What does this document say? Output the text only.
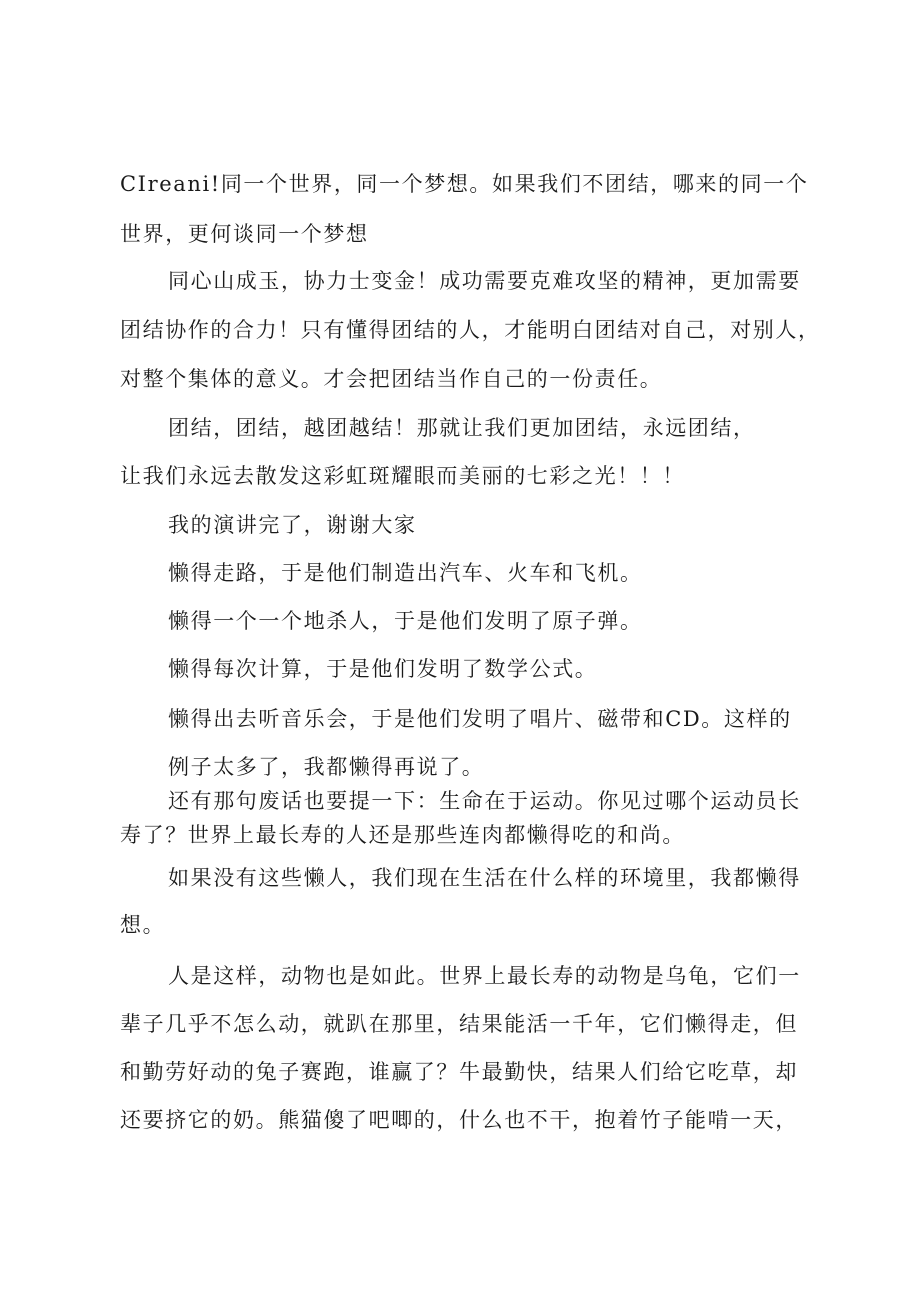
CIreani!同一个世界，同一个梦想。如果我们不团结，哪来的同一个
世界，更何谈同一个梦想
同心山成玉，协力士变金！成功需要克难攻坚的精神，更加需要
团结协作的合力！只有懂得团结的人，才能明白团结对自己，对别人，
对整个集体的意义。才会把团结当作自己的一份责任。
团结，团结，越团越结！那就让我们更加团结，永远团结，
让我们永远去散发这彩虹斑耀眼而美丽的七彩之光！！！
我的演讲完了，谢谢大家
懒得走路，于是他们制造出汽车、火车和飞机。
懒得一个一个地杀人，于是他们发明了原子弹。
懒得每次计算，于是他们发明了数学公式。
懒得出去听音乐会，于是他们发明了唱片、磁带和CD。这样的
例子太多了，我都懒得再说了。
还有那句废话也要提一下：生命在于运动。你见过哪个运动员长
寿了？世界上最长寿的人还是那些连肉都懒得吃的和尚。
如果没有这些懒人，我们现在生活在什么样的环境里，我都懒得
想。
人是这样，动物也是如此。世界上最长寿的动物是乌龟，它们一
辈子几乎不怎么动，就趴在那里，结果能活一千年，它们懒得走，但
和勤劳好动的兔子赛跑，谁赢了？牛最勤快，结果人们给它吃草，却
还要挤它的奶。熊猫傻了吧唧的，什么也不干，抱着竹子能啃一天，
